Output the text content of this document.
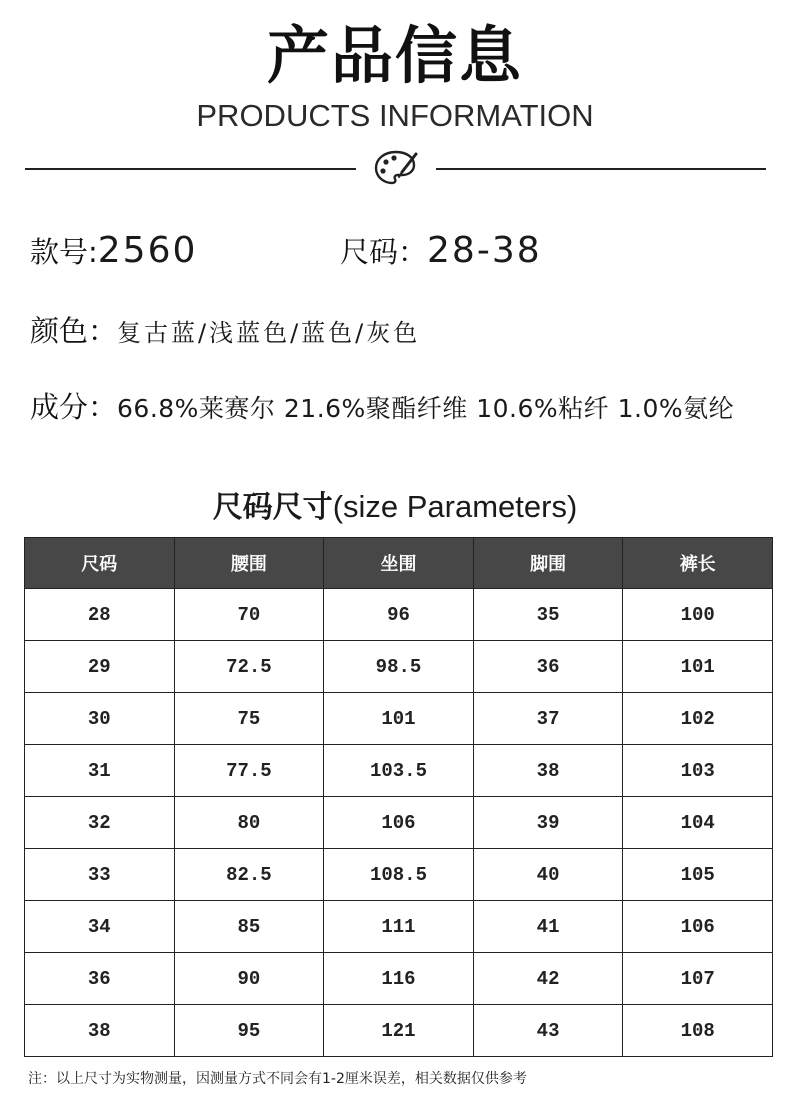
产品信息
PRODUCTS INFORMATION
款号:2560	尺码：28-38
颜色：复古蓝/浅蓝色/蓝色/灰色
成分：66.8%莱赛尔 21.6%聚酯纤维 10.6%粘纤 1.0%氨纶
尺码尺寸(size Parameters)
尺码	腰围	坐围	脚围	裤长
28	70	96	35	100
29	72.5	98.5	36	101
30	75	101	37	102
31	77.5	103.5	38	103
32	80	106	39	104
33	82.5	108.5	40	105
34	85	111	41	106
36	90	116	42	107
38	95	121	43	108
注：以上尺寸为实物测量，因测量方式不同会有1-2厘米误差，相关数据仅供参考
